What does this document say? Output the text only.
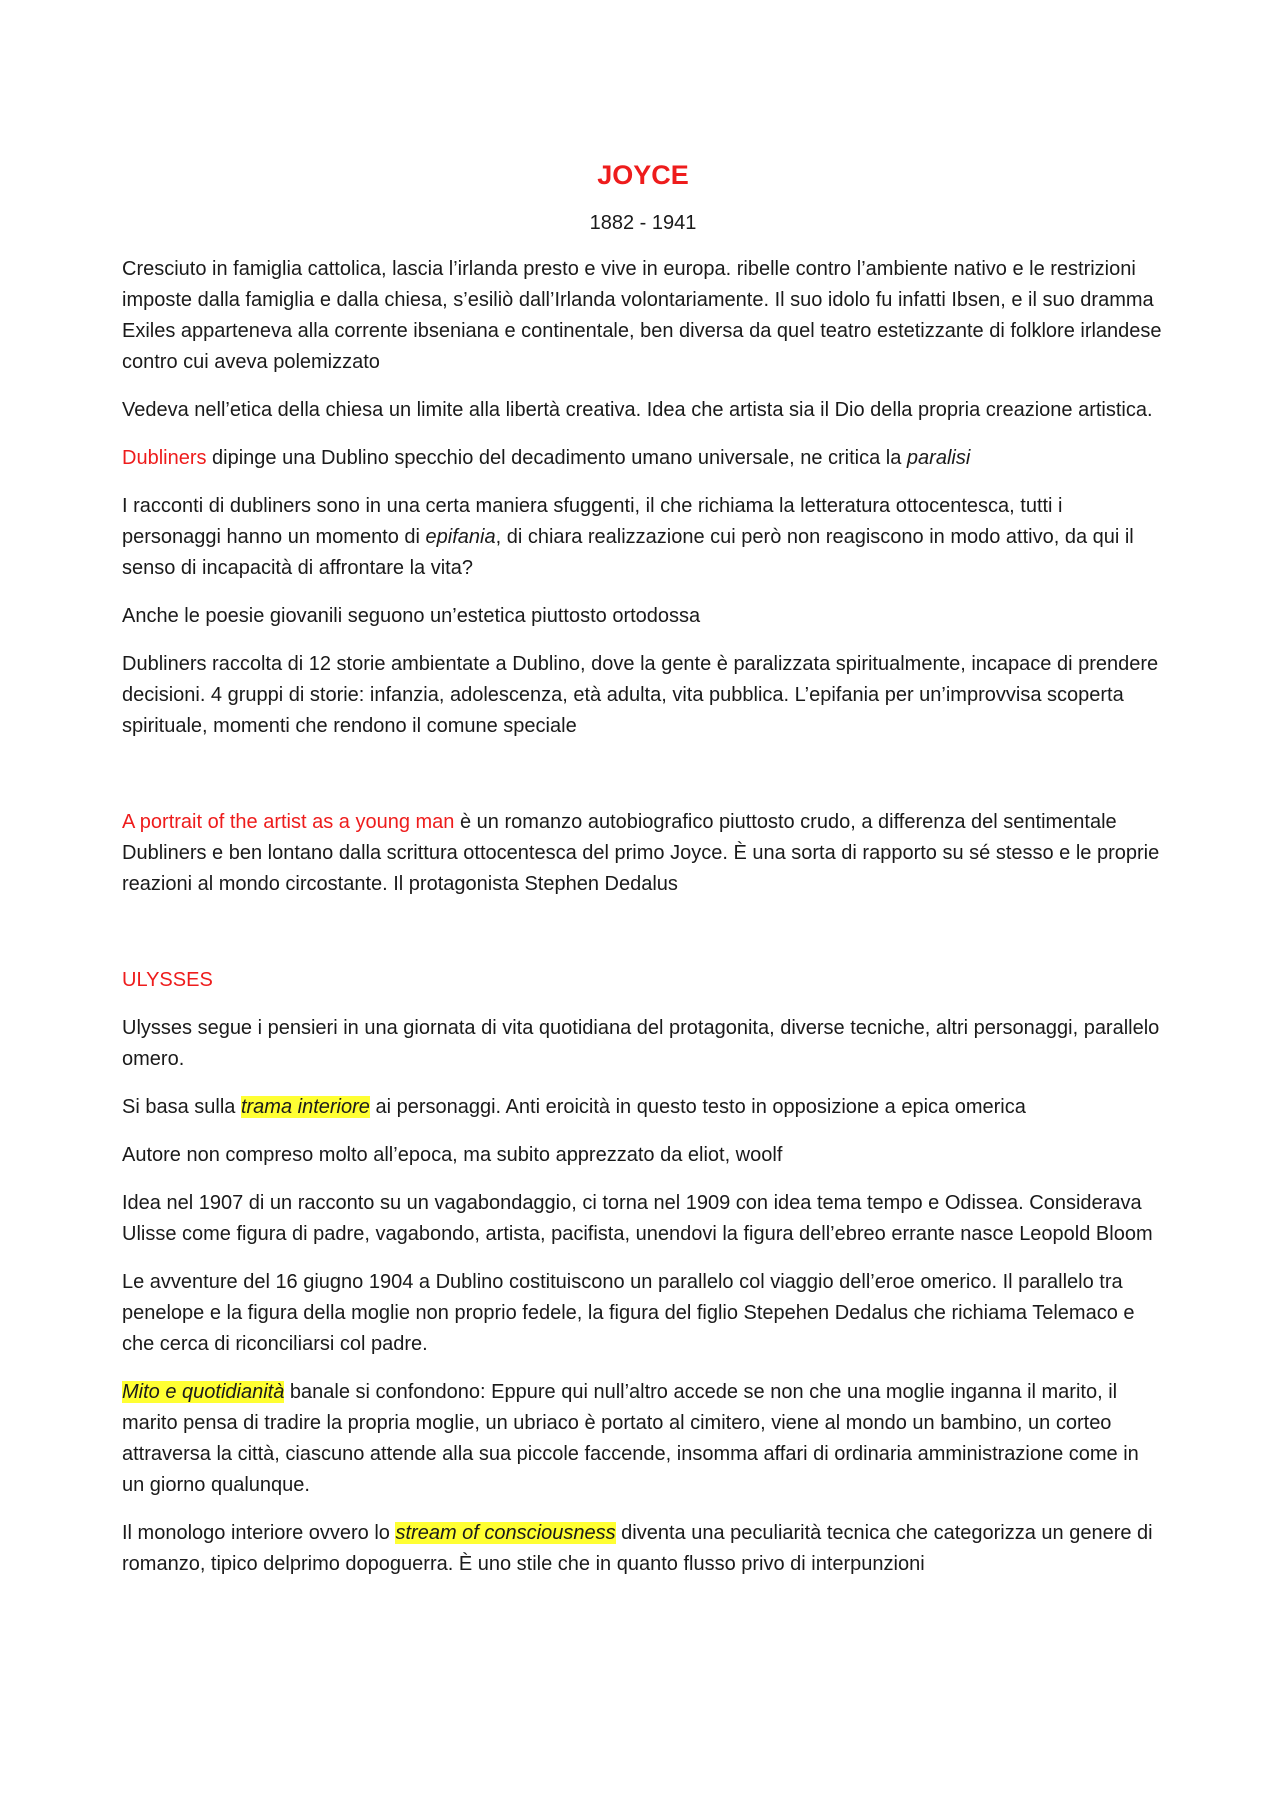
JOYCE
1882 - 1941

Cresciuto in famiglia cattolica, lascia l’irlanda presto e vive in europa. ribelle contro l’ambiente nativo e le restrizioni imposte dalla famiglia e dalla chiesa, s’esiliò dall’Irlanda volontariamente. Il suo idolo fu infatti Ibsen, e il suo dramma Exiles apparteneva alla corrente ibseniana e continentale, ben diversa da quel teatro estetizzante di folklore irlandese contro cui aveva polemizzato

Vedeva nell’etica della chiesa un limite alla libertà creativa. Idea che artista sia il Dio della propria creazione artistica.

Dubliners dipinge una Dublino specchio del decadimento umano universale, ne critica la paralisi

I racconti di dubliners sono in una certa maniera sfuggenti, il che richiama la letteratura ottocentesca, tutti i personaggi hanno un momento di epifania, di chiara realizzazione cui però non reagiscono in modo attivo, da qui il senso di incapacità di affrontare la vita?

Anche le poesie giovanili seguono un’estetica piuttosto ortodossa

Dubliners raccolta di 12 storie ambientate a Dublino, dove la gente è paralizzata spiritualmente, incapace di prendere decisioni. 4 gruppi di storie: infanzia, adolescenza, età adulta, vita pubblica. L’epifania per un’improvvisa scoperta spirituale, momenti che rendono il comune speciale

A portrait of the artist as a young man è un romanzo autobiografico piuttosto crudo, a differenza del sentimentale Dubliners e ben lontano dalla scrittura ottocentesca del primo Joyce. È una sorta di rapporto su sé stesso e le proprie reazioni al mondo circostante. Il protagonista Stephen Dedalus

ULYSSES

Ulysses segue i pensieri in una giornata di vita quotidiana del protagonita, diverse tecniche, altri personaggi, parallelo omero.

Si basa sulla trama interiore ai personaggi. Anti eroicità in questo testo in opposizione a epica omerica

Autore non compreso molto all’epoca, ma subito apprezzato da eliot, woolf

Idea nel 1907 di un racconto su un vagabondaggio, ci torna nel 1909 con idea tema tempo e Odissea. Considerava Ulisse come figura di padre, vagabondo, artista, pacifista, unendovi la figura dell’ebreo errante nasce Leopold Bloom

Le avventure del 16 giugno 1904 a Dublino costituiscono un parallelo col viaggio dell’eroe omerico. Il parallelo tra penelope e la figura della moglie non proprio fedele, la figura del figlio Stepehen Dedalus che richiama Telemaco e che cerca di riconciliarsi col padre.

Mito e quotidianità banale si confondono: Eppure qui null’altro accede se non che una moglie inganna il marito, il marito pensa di tradire la propria moglie, un ubriaco è portato al cimitero, viene al mondo un bambino, un corteo attraversa la città, ciascuno attende alla sua piccole faccende, insomma affari di ordinaria amministrazione come in un giorno qualunque.

Il monologo interiore ovvero lo stream of consciousness diventa una peculiarità tecnica che categorizza un genere di romanzo, tipico delprimo dopoguerra. È uno stile che in quanto flusso privo di interpunzioni
